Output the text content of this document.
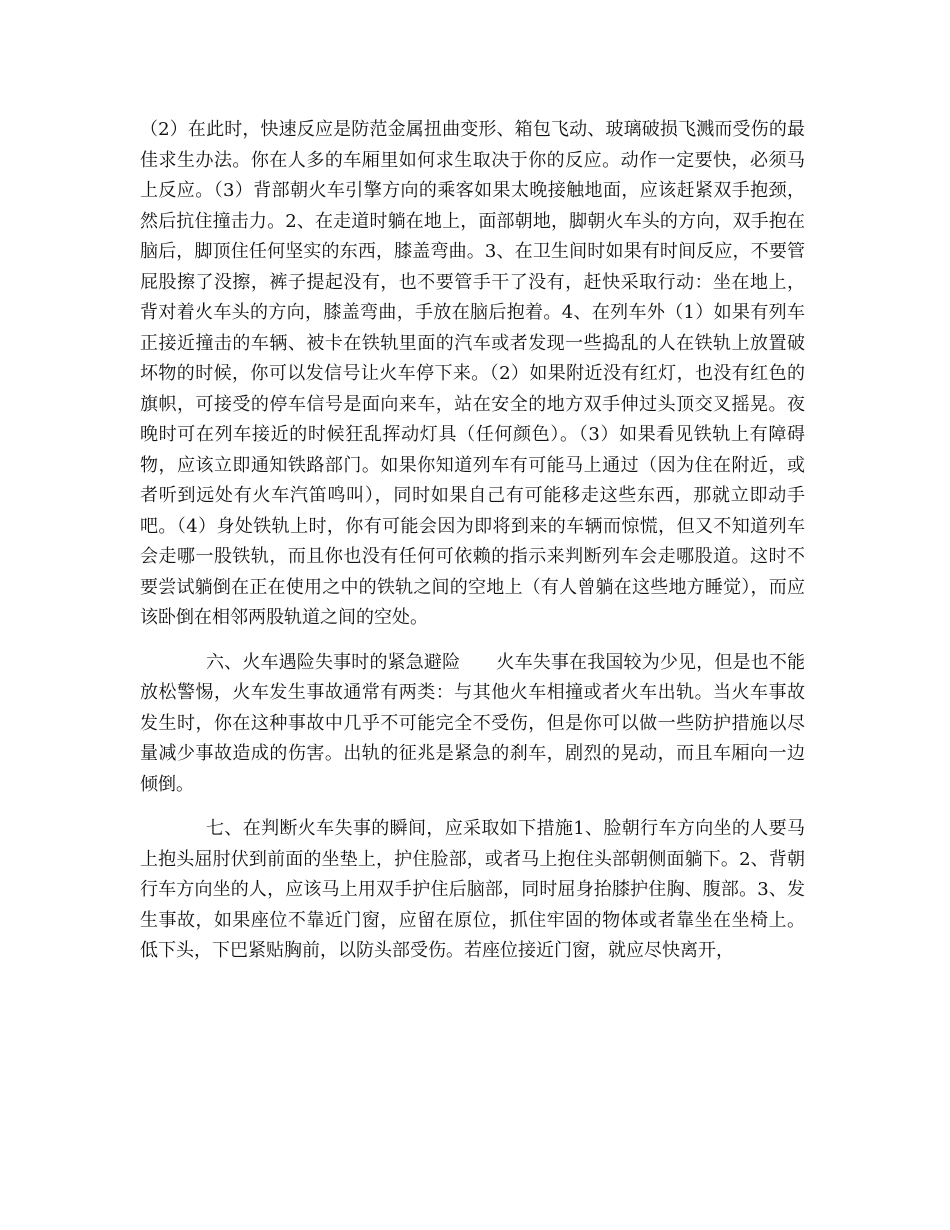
（2）在此时，快速反应是防范金属扭曲变形、箱包飞动、玻璃破损飞溅而受伤的最佳求生办法。你在人多的车厢里如何求生取决于你的反应。动作一定要快，必须马上反应。（3）背部朝火车引擎方向的乘客如果太晚接触地面，应该赶紧双手抱颈，然后抗住撞击力。2、在走道时躺在地上，面部朝地，脚朝火车头的方向，双手抱在脑后，脚顶住任何坚实的东西，膝盖弯曲。3、在卫生间时如果有时间反应，不要管屁股擦了没擦，裤子提起没有，也不要管手干了没有，赶快采取行动：坐在地上，背对着火车头的方向，膝盖弯曲，手放在脑后抱着。4、在列车外（1）如果有列车正接近撞击的车辆、被卡在铁轨里面的汽车或者发现一些捣乱的人在铁轨上放置破坏物的时候，你可以发信号让火车停下来。（2）如果附近没有红灯，也没有红色的旗帜，可接受的停车信号是面向来车，站在安全的地方双手伸过头顶交叉摇晃。夜晚时可在列车接近的时候狂乱挥动灯具（任何颜色）。（3）如果看见铁轨上有障碍物，应该立即通知铁路部门。如果你知道列车有可能马上通过（因为住在附近，或者听到远处有火车汽笛鸣叫），同时如果自己有可能移走这些东西，那就立即动手吧。（4）身处铁轨上时，你有可能会因为即将到来的车辆而惊慌，但又不知道列车会走哪一股铁轨，而且你也没有任何可依赖的指示来判断列车会走哪股道。这时不要尝试躺倒在正在使用之中的铁轨之间的空地上（有人曾躺在这些地方睡觉），而应该卧倒在相邻两股轨道之间的空处。

六、火车遇险失事时的紧急避险 火车失事在我国较为少见，但是也不能放松警惕，火车发生事故通常有两类：与其他火车相撞或者火车出轨。当火车事故发生时，你在这种事故中几乎不可能完全不受伤，但是你可以做一些防护措施以尽量减少事故造成的伤害。出轨的征兆是紧急的刹车，剧烈的晃动，而且车厢向一边倾倒。

七、在判断火车失事的瞬间，应采取如下措施1、脸朝行车方向坐的人要马上抱头屈肘伏到前面的坐垫上，护住脸部，或者马上抱住头部朝侧面躺下。2、背朝行车方向坐的人，应该马上用双手护住后脑部，同时屈身抬膝护住胸、腹部。3、发生事故，如果座位不靠近门窗，应留在原位，抓住牢固的物体或者靠坐在坐椅上。低下头，下巴紧贴胸前，以防头部受伤。若座位接近门窗，就应尽快离开，
